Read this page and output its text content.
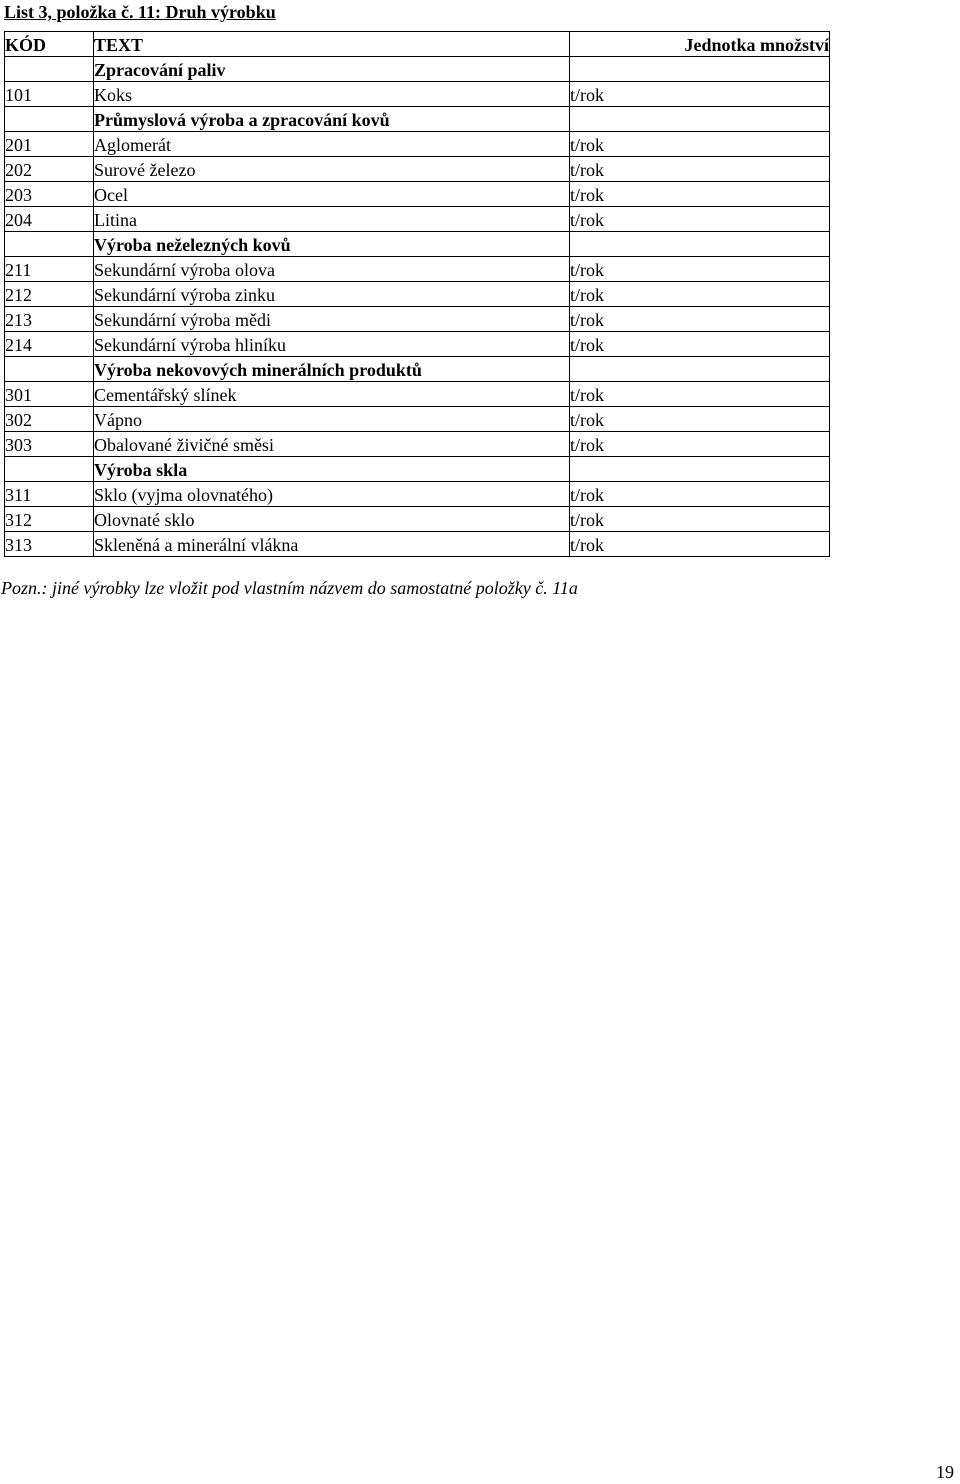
List 3, položka č. 11: Druh výrobku
KÓD	TEXT	Jednotka množství
	Zpracování paliv	
101	Koks	t/rok
	Průmyslová výroba a zpracování kovů	
201	Aglomerát	t/rok
202	Surové železo	t/rok
203	Ocel	t/rok
204	Litina	t/rok
	Výroba neželezných kovů	
211	Sekundární výroba olova	t/rok
212	Sekundární výroba zinku	t/rok
213	Sekundární výroba mědi	t/rok
214	Sekundární výroba hliníku	t/rok
	Výroba nekovových minerálních produktů	
301	Cementářský slínek	t/rok
302	Vápno	t/rok
303	Obalované živičné směsi	t/rok
	Výroba skla	
311	Sklo (vyjma olovnatého)	t/rok
312	Olovnaté sklo	t/rok
313	Skleněná a minerální vlákna	t/rok
Pozn.: jiné výrobky lze vložit pod vlastním názvem do samostatné položky č. 11a
19
